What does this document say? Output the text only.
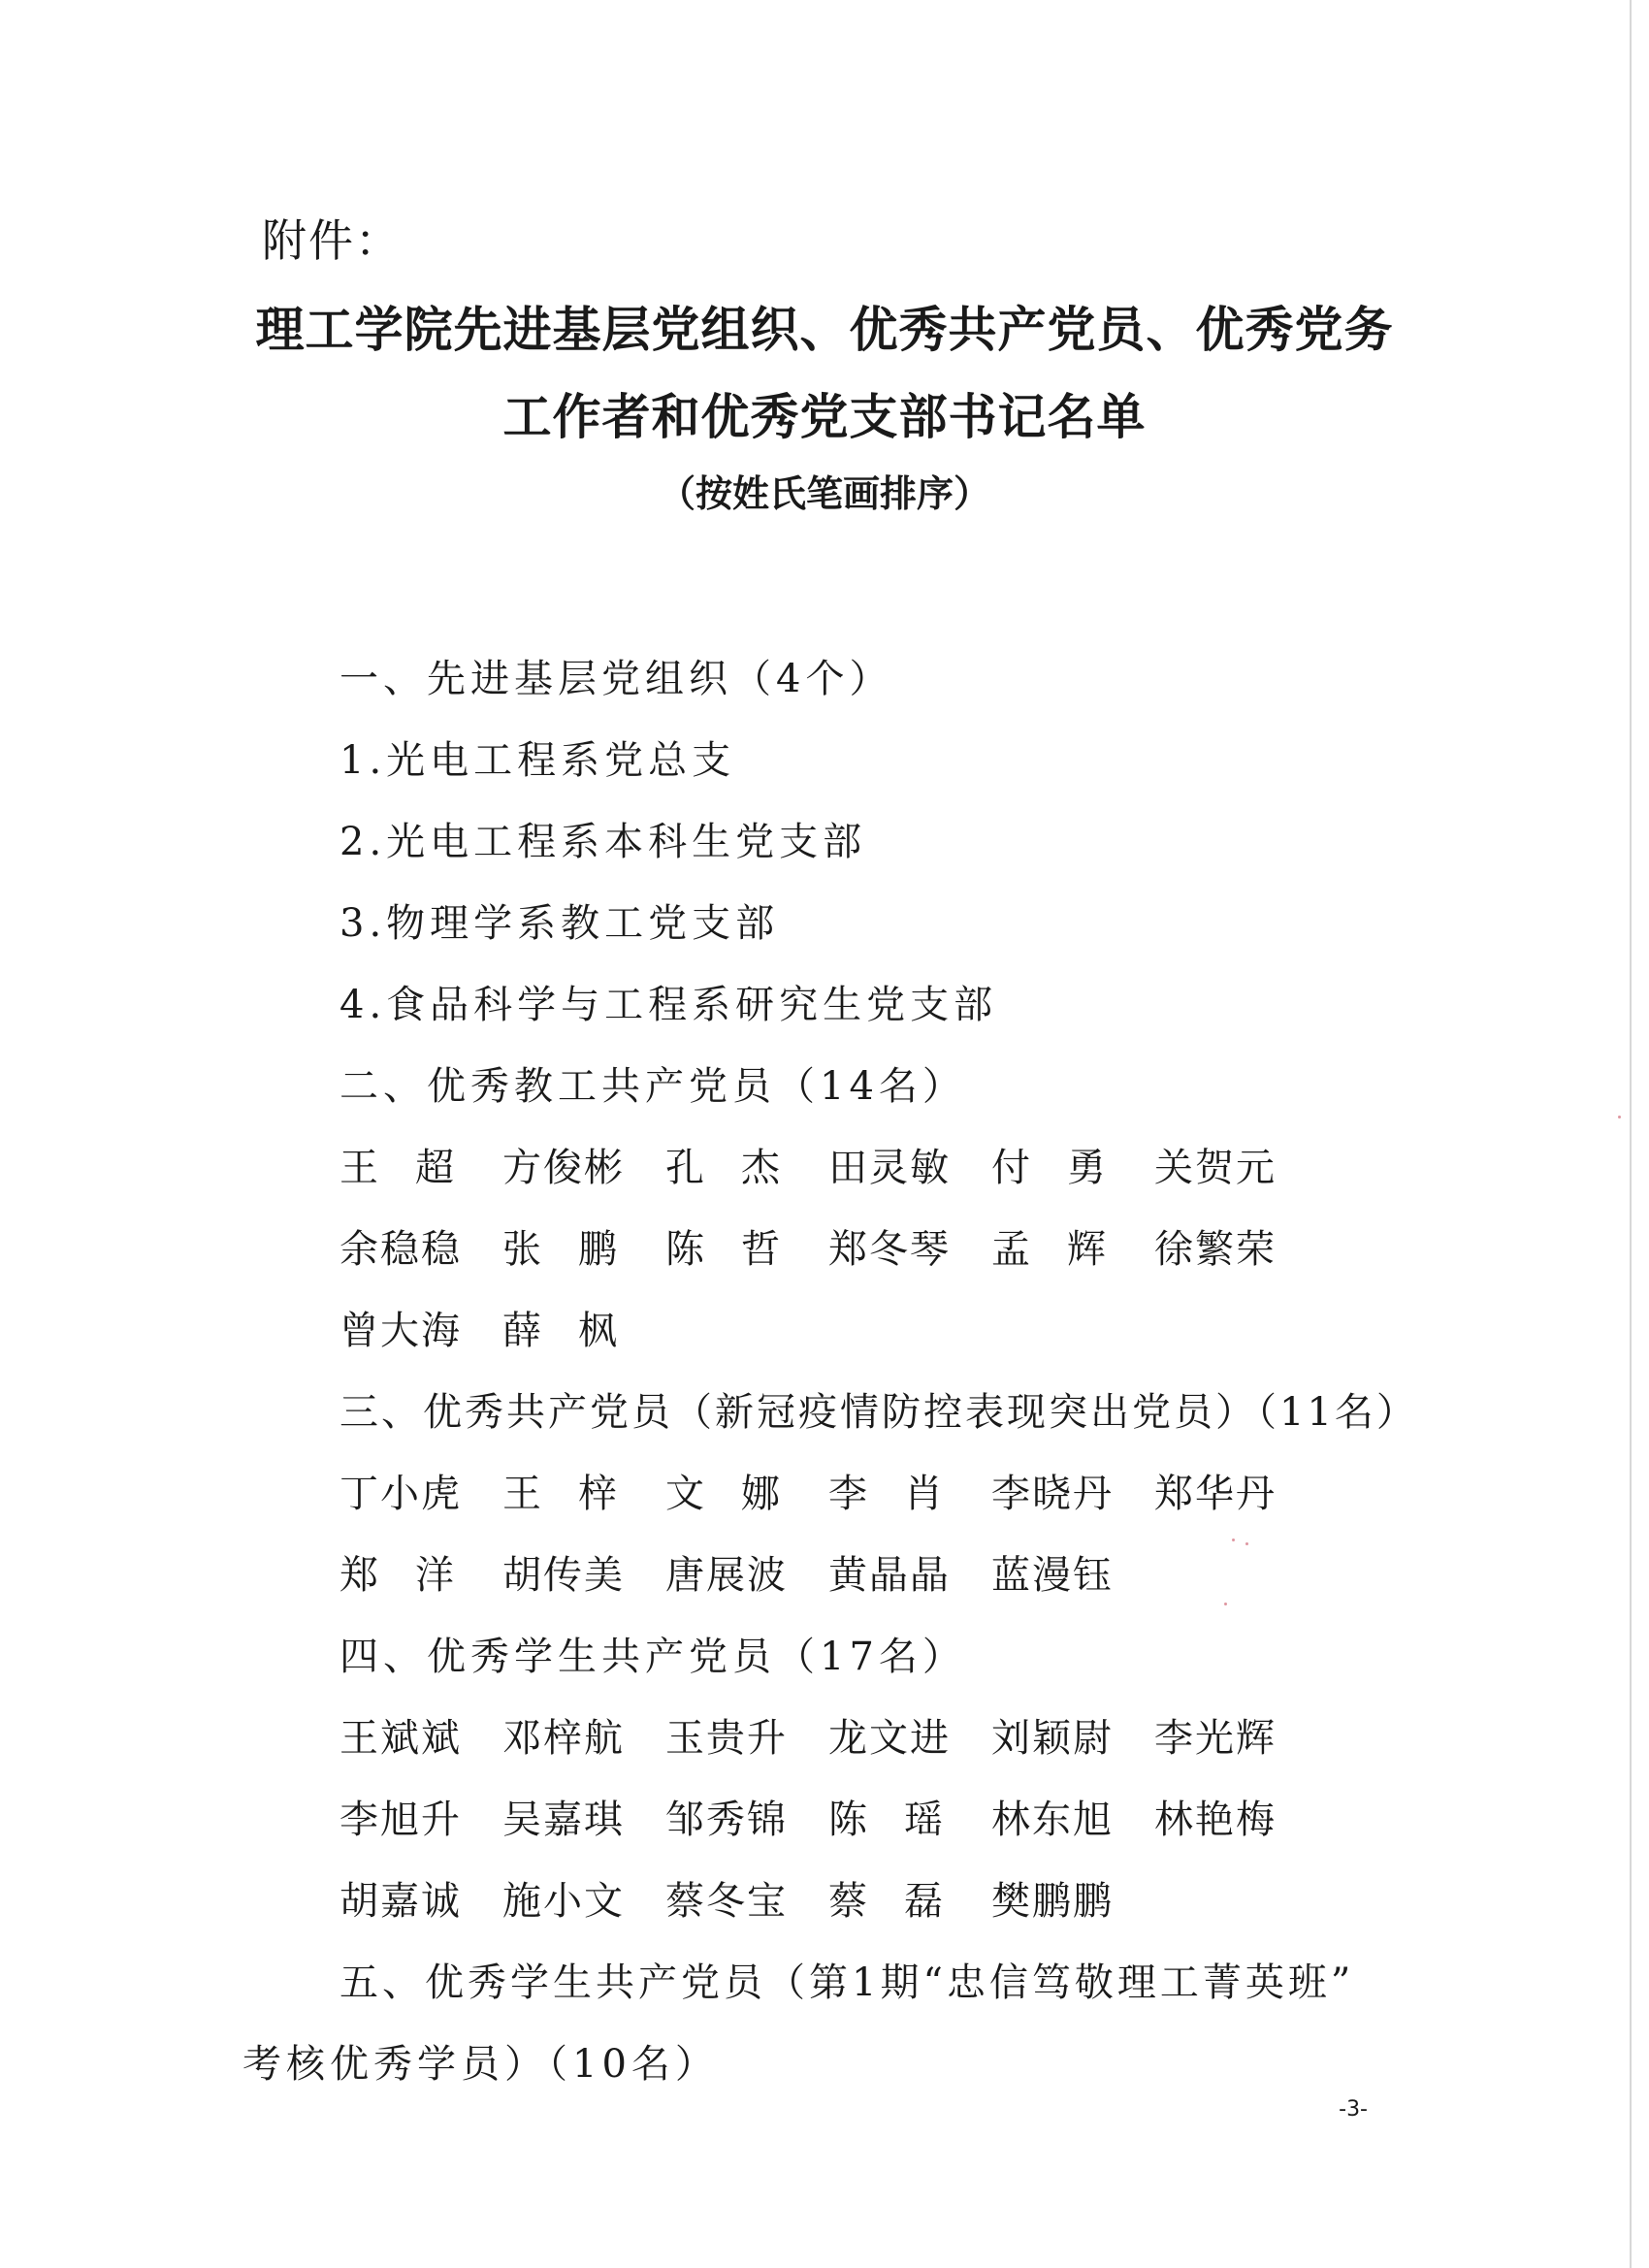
附件：
理工学院先进基层党组织、优秀共产党员、优秀党务
工作者和优秀党支部书记名单
（按姓氏笔画排序）
一、先进基层党组织（4个）
1.光电工程系党总支
2.光电工程系本科生党支部
3.物理学系教工党支部
4.食品科学与工程系研究生党支部
二、优秀教工共产党员（14名）
王超 方俊彬 孔杰 田灵敏 付勇 关贺元
余稳稳 张鹏 陈哲 郑冬琴 孟辉 徐繁荣
曾大海 薛枫
三、优秀共产党员（新冠疫情防控表现突出党员）（11名）
丁小虎 王梓 文娜 李肖 李晓丹 郑华丹
郑洋 胡传美 唐展波 黄晶晶 蓝漫钰
四、优秀学生共产党员（17名）
王斌斌 邓梓航 玉贵升 龙文进 刘颖尉 李光辉
李旭升 吴嘉琪 邹秀锦 陈瑶 林东旭 林艳梅
胡嘉诚 施小文 蔡冬宝 蔡磊 樊鹏鹏
五、优秀学生共产党员（第1期“忠信笃敬理工菁英班”
考核优秀学员）（10名）
-3-
